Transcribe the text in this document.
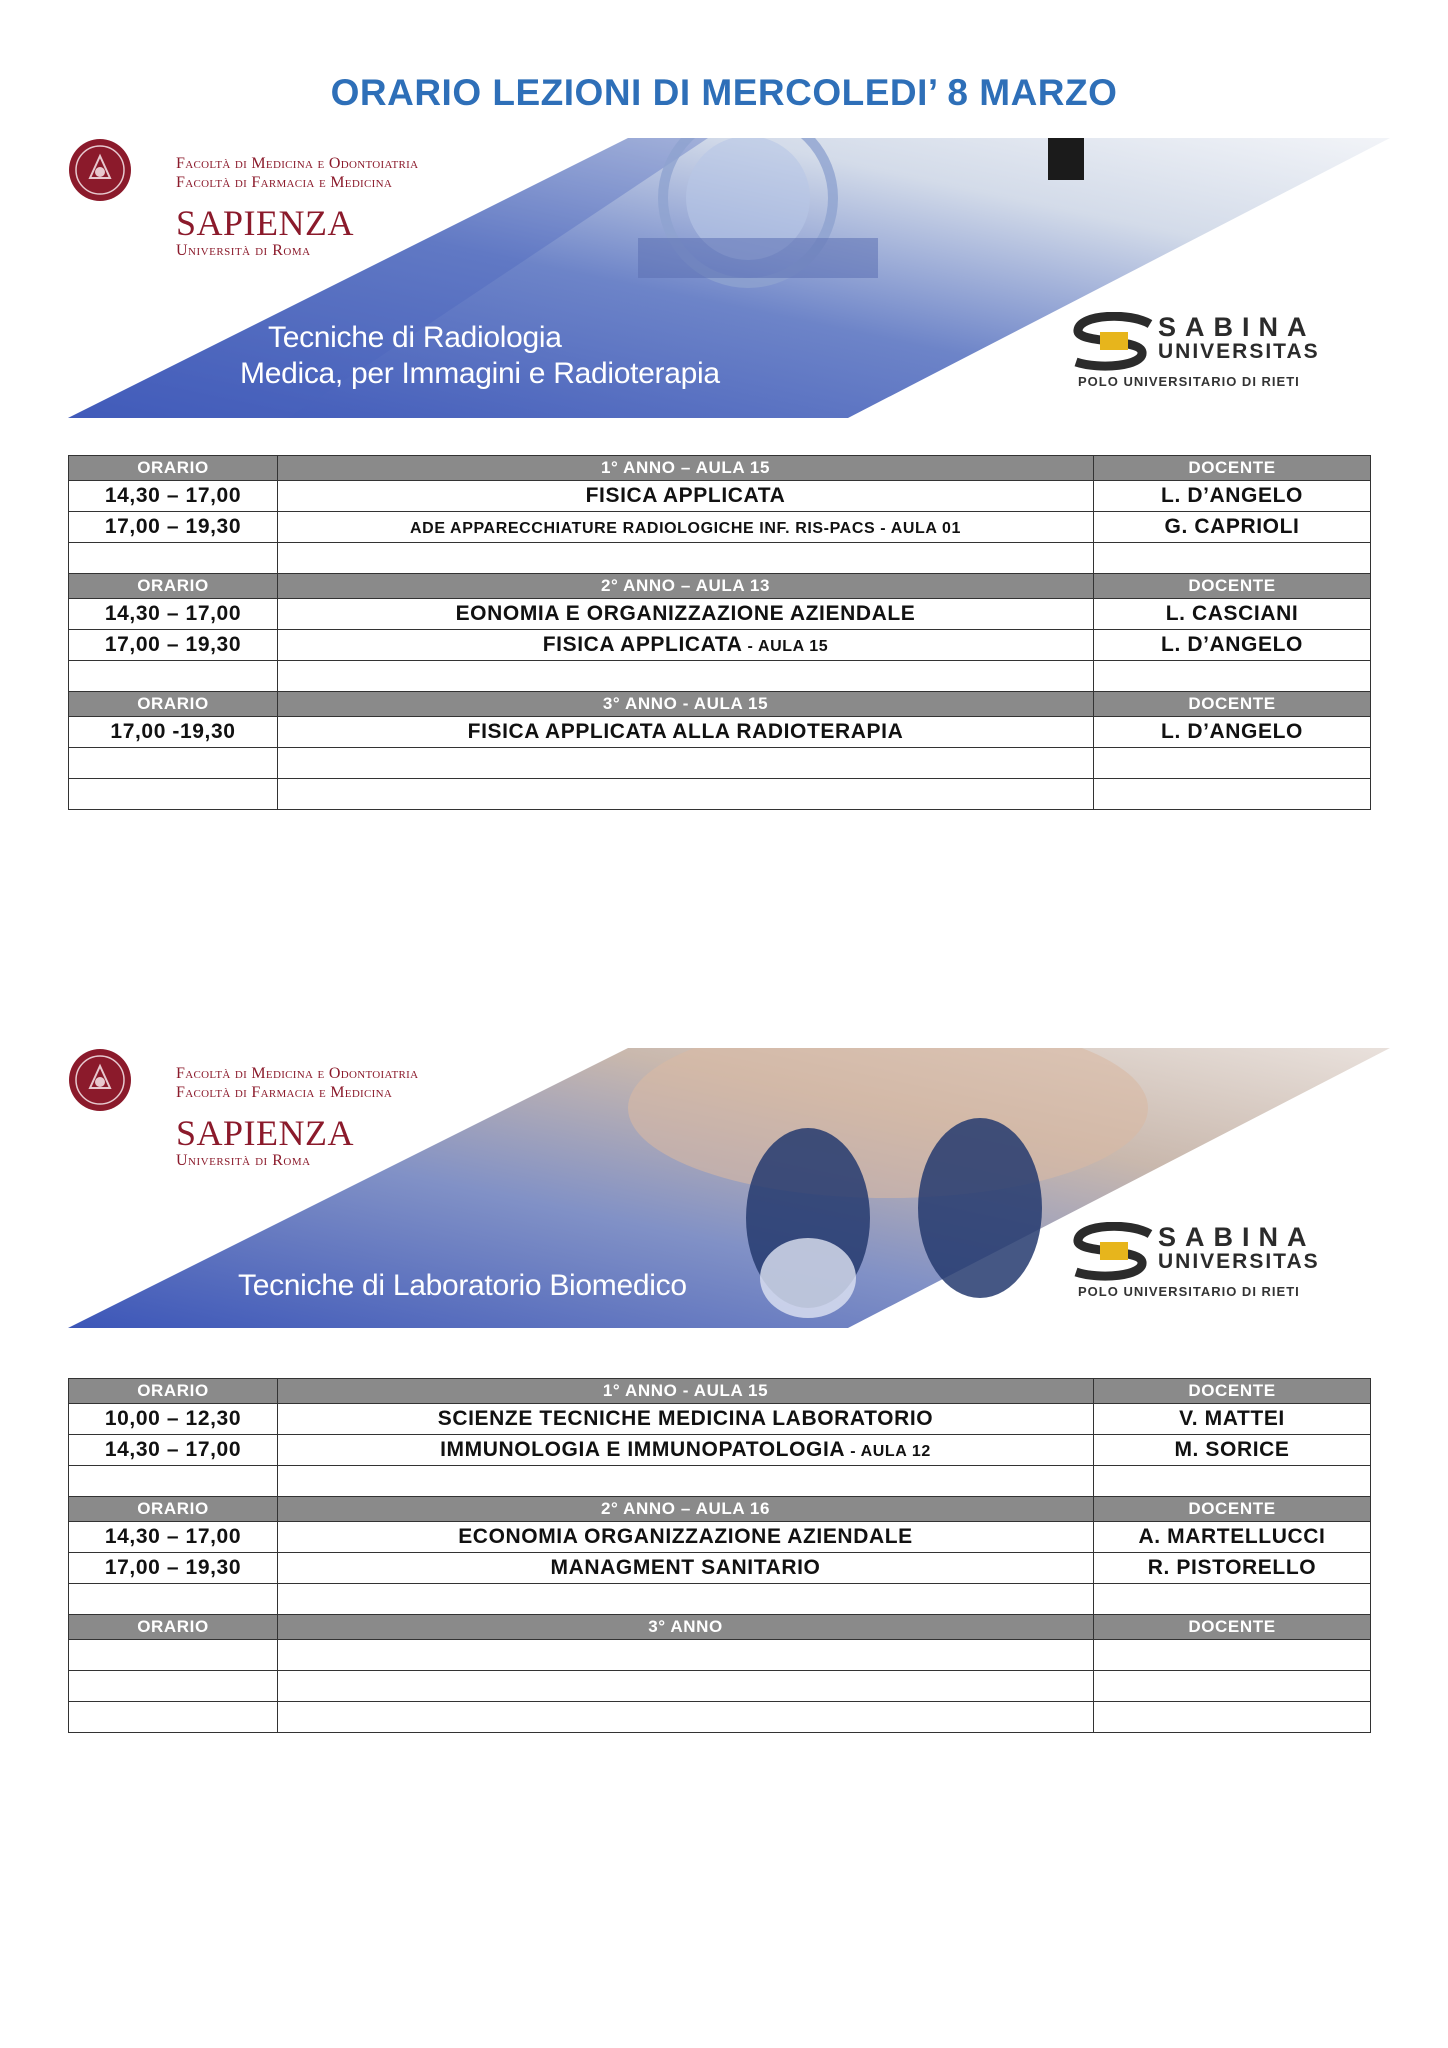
ORARIO LEZIONI DI MERCOLEDI’ 8 MARZO
Facoltà di Medicina e Odontoiatria
Facoltà di Farmacia e Medicina
SAPIENZA
Università di Roma
Tecniche di Radiologia
Medica, per Immagini e Radioterapia
SABINA
UNIVERSITAS
POLO UNIVERSITARIO DI RIETI
ORARIO	1° ANNO – AULA 15	DOCENTE
14,30 – 17,00	FISICA APPLICATA	L. D’ANGELO
17,00 – 19,30	ADE APPARECCHIATURE RADIOLOGICHE INF. RIS-PACS - AULA 01	G. CAPRIOLI

ORARIO	2° ANNO – AULA 13	DOCENTE
14,30 – 17,00	EONOMIA E ORGANIZZAZIONE AZIENDALE	L. CASCIANI
17,00 – 19,30	FISICA APPLICATA - AULA 15	L. D’ANGELO

ORARIO	3° ANNO - AULA 15	DOCENTE
17,00 -19,30	FISICA APPLICATA ALLA RADIOTERAPIA	L. D’ANGELO

Facoltà di Medicina e Odontoiatria
Facoltà di Farmacia e Medicina
SAPIENZA
Università di Roma
Tecniche di Laboratorio Biomedico
SABINA
UNIVERSITAS
POLO UNIVERSITARIO DI RIETI
ORARIO	1° ANNO - AULA 15	DOCENTE
10,00 – 12,30	SCIENZE TECNICHE MEDICINA LABORATORIO	V. MATTEI
14,30 – 17,00	IMMUNOLOGIA E IMMUNOPATOLOGIA - AULA 12	M. SORICE

ORARIO	2° ANNO – AULA 16	DOCENTE
14,30 – 17,00	ECONOMIA ORGANIZZAZIONE AZIENDALE	A. MARTELLUCCI
17,00 – 19,30	MANAGMENT SANITARIO	R. PISTORELLO

ORARIO	3° ANNO	DOCENTE
